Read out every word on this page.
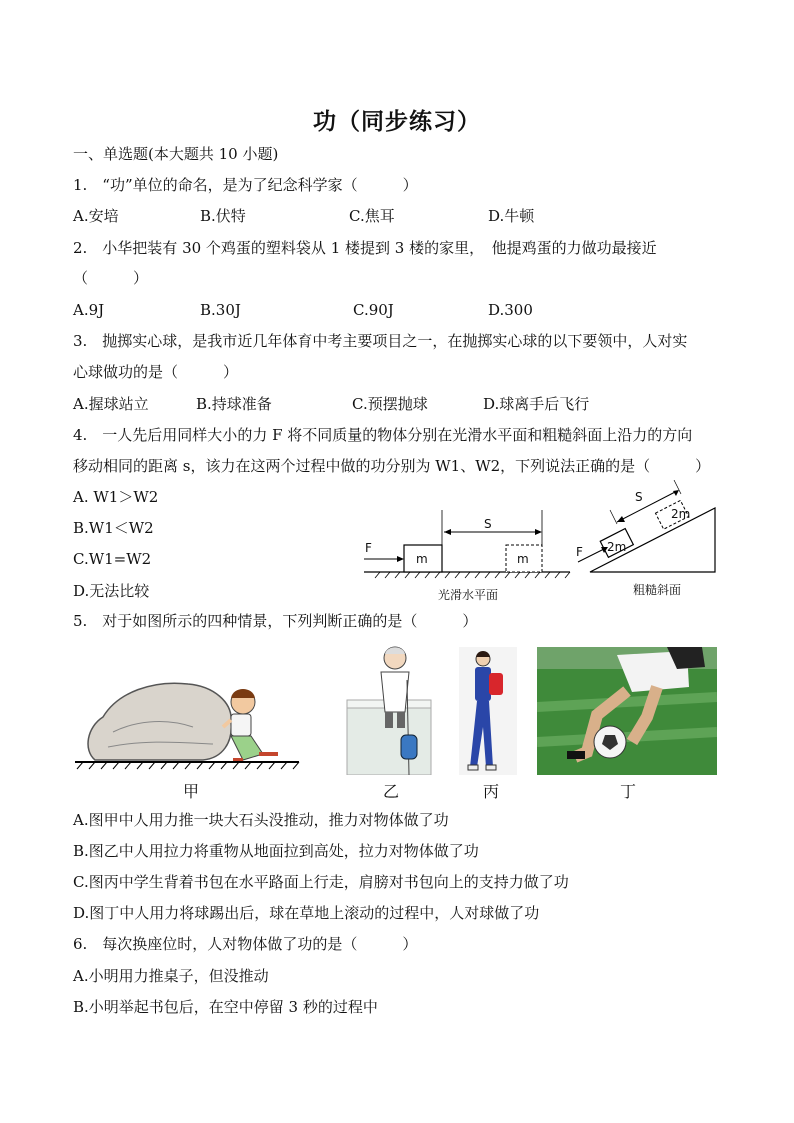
功（同步练习）
一、单选题(本大题共 10 小题)
1.　“功”单位的命名，是为了纪念科学家（　　　）
A.安培	B.伏特	C.焦耳	D.牛顿
2.　小华把装有 30 个鸡蛋的塑料袋从 1 楼提到 3 楼的家里，　他提鸡蛋的力做功最接近
（　　　）
A.9J	B.30J	C.90J	D.300
3.　抛掷实心球，是我市近几年体育中考主要项目之一，在抛掷实心球的以下要领中，人对实
心球做功的是（　　　）
A.握球站立	B.持球准备	C.预摆抛球	D.球离手后飞行
4.　一人先后用同样大小的力 F 将不同质量的物体分别在光滑水平面和粗糙斜面上沿力的方向
移动相同的距离 s，该力在这两个过程中做的功分别为 W1、W2，下列说法正确的是（　　　）
A. W1＞W2
B.W1＜W2
C.W1=W2
D.无法比较
F
m	m
S
光滑水平面
S
F 2m
2m
粗糙斜面
5.　对于如图所示的四种情景，下列判断正确的是（　　　）
甲	乙	丙	丁
A.图甲中人用力推一块大石头没推动，推力对物体做了功
B.图乙中人用拉力将重物从地面拉到高处，拉力对物体做了功
C.图丙中学生背着书包在水平路面上行走，肩膀对书包向上的支持力做了功
D.图丁中人用力将球踢出后，球在草地上滚动的过程中，人对球做了功
6.　每次换座位时，人对物体做了功的是（　　　）
A.小明用力推桌子，但没推动
B.小明举起书包后，在空中停留 3 秒的过程中
